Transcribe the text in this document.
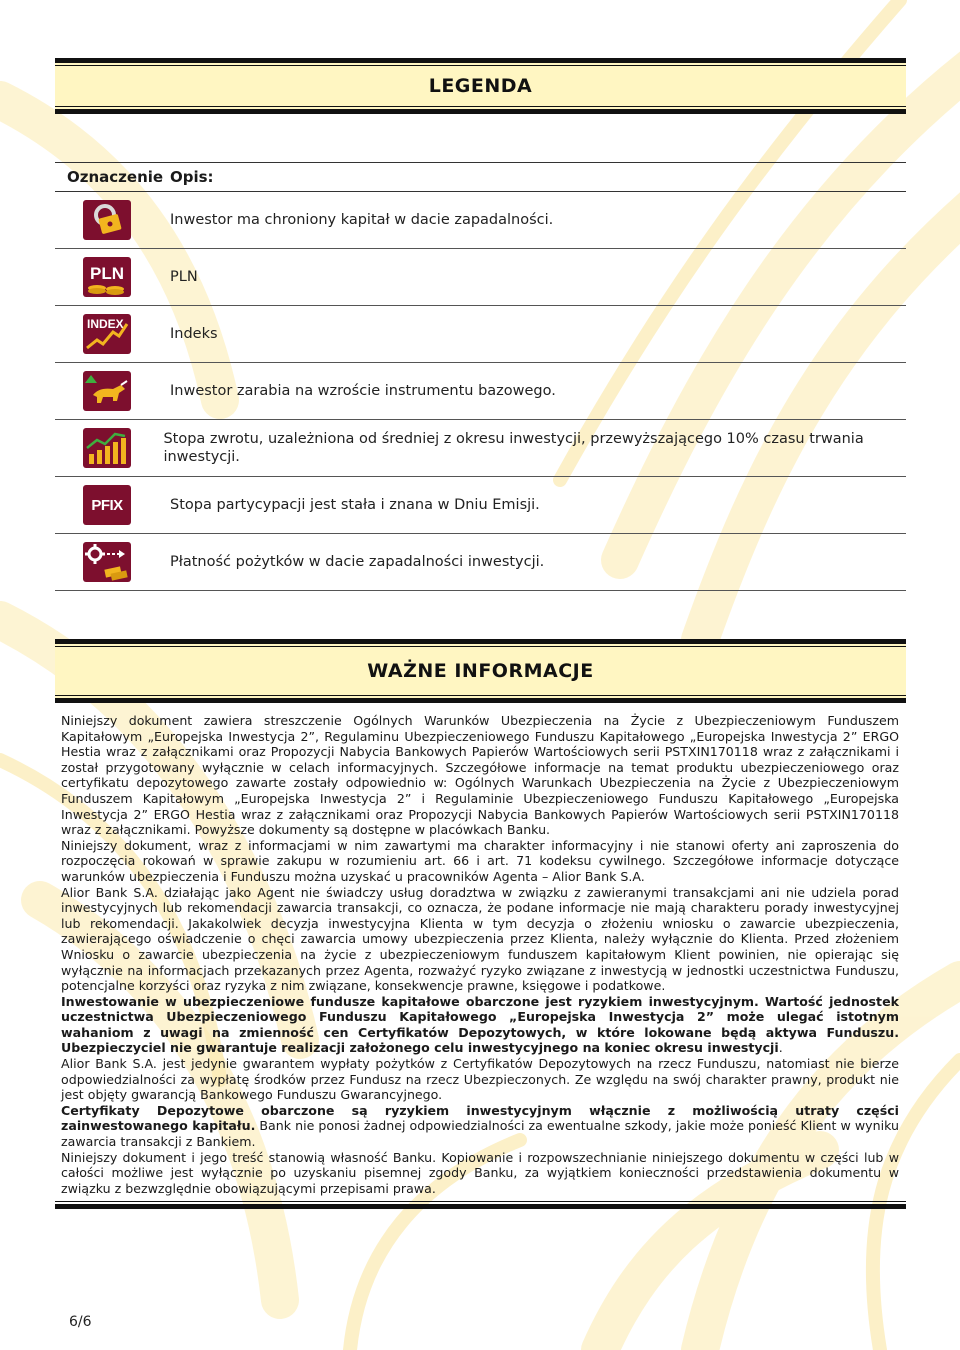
LEGENDA
Oznaczenie Opis:
Inwestor ma chroniony kapitał w dacie zapadalności.
PLN	PLN
INDEX
Indeks
Inwestor zarabia na wzroście instrumentu bazowego.
Stopa zwrotu, uzależniona od średniej z okresu inwestycji, przewyższającego 10% czasu trwania inwestycji.
PFIX	Stopa partycypacji jest stała i znana w Dniu Emisji.
Płatność pożytków w dacie zapadalności inwestycji.
WAŻNE INFORMACJE

Niniejszy dokument zawiera streszczenie Ogólnych Warunków Ubezpieczenia na Życie z Ubezpieczeniowym Funduszem Kapitałowym „Europejska Inwestycja 2”, Regulaminu Ubezpieczeniowego Funduszu Kapitałowego „Europejska Inwestycja 2” ERGO Hestia wraz z załącznikami oraz Propozycji Nabycia Bankowych Papierów Wartościowych serii PSTXIN170118 wraz z załącznikami i został przygotowany wyłącznie w celach informacyjnych. Szczegółowe informacje na temat produktu ubezpieczeniowego oraz certyfikatu depozytowego zawarte zostały odpowiednio w: Ogólnych Warunkach Ubezpieczenia na Życie z Ubezpieczeniowym Funduszem Kapitałowym „Europejska Inwestycja 2” i Regulaminie Ubezpieczeniowego Funduszu Kapitałowego „Europejska Inwestycja 2” ERGO Hestia wraz z załącznikami oraz Propozycji Nabycia Bankowych Papierów Wartościowych serii PSTXIN170118 wraz z załącznikami. Powyższe dokumenty są dostępne w placówkach Banku.

Niniejszy dokument, wraz z informacjami w nim zawartymi ma charakter informacyjny i nie stanowi oferty ani zaproszenia do rozpoczęcia rokowań w sprawie zakupu w rozumieniu art. 66 i art. 71 kodeksu cywilnego. Szczegółowe informacje dotyczące warunków ubezpieczenia i Funduszu można uzyskać u pracowników Agenta – Alior Bank S.A.

Alior Bank S.A. działając jako Agent nie świadczy usług doradztwa w związku z zawieranymi transakcjami ani nie udziela porad inwestycyjnych lub rekomendacji zawarcia transakcji, co oznacza, że podane informacje nie mają charakteru porady inwestycyjnej lub rekomendacji. Jakakolwiek decyzja inwestycyjna Klienta w tym decyzja o złożeniu wniosku o zawarcie ubezpieczenia, zawierającego oświadczenie o chęci zawarcia umowy ubezpieczenia przez Klienta, należy wyłącznie do Klienta. Przed złożeniem Wniosku o zawarcie ubezpieczenia na życie z ubezpieczeniowym funduszem kapitałowym Klient powinien, nie opierając się wyłącznie na informacjach przekazanych przez Agenta, rozważyć ryzyko związane z inwestycją w jednostki uczestnictwa Funduszu, potencjalne korzyści oraz ryzyka z nim związane, konsekwencje prawne, księgowe i podatkowe.

Inwestowanie w ubezpieczeniowe fundusze kapitałowe obarczone jest ryzykiem inwestycyjnym. Wartość jednostek uczestnictwa Ubezpieczeniowego Funduszu Kapitałowego „Europejska Inwestycja 2” może ulegać istotnym wahaniom z uwagi na zmienność cen Certyfikatów Depozytowych, w które lokowane będą aktywa Funduszu. Ubezpieczyciel nie gwarantuje realizacji założonego celu inwestycyjnego na koniec okresu inwestycji.

Alior Bank S.A. jest jedynie gwarantem wypłaty pożytków z Certyfikatów Depozytowych na rzecz Funduszu, natomiast nie bierze odpowiedzialności za wypłatę środków przez Fundusz na rzecz Ubezpieczonych. Ze względu na swój charakter prawny, produkt nie jest objęty gwarancją Bankowego Funduszu Gwarancyjnego.

Certyfikaty Depozytowe obarczone są ryzykiem inwestycyjnym włącznie z możliwością utraty części zainwestowanego kapitału. Bank nie ponosi żadnej odpowiedzialności za ewentualne szkody, jakie może ponieść Klient w wyniku zawarcia transakcji z Bankiem.

Niniejszy dokument i jego treść stanowią własność Banku. Kopiowanie i rozpowszechnianie niniejszego dokumentu w części lub w całości możliwe jest wyłącznie po uzyskaniu pisemnej zgody Banku, za wyjątkiem konieczności przedstawienia dokumentu w związku z bezwzględnie obowiązującymi przepisami prawa.

6/6
